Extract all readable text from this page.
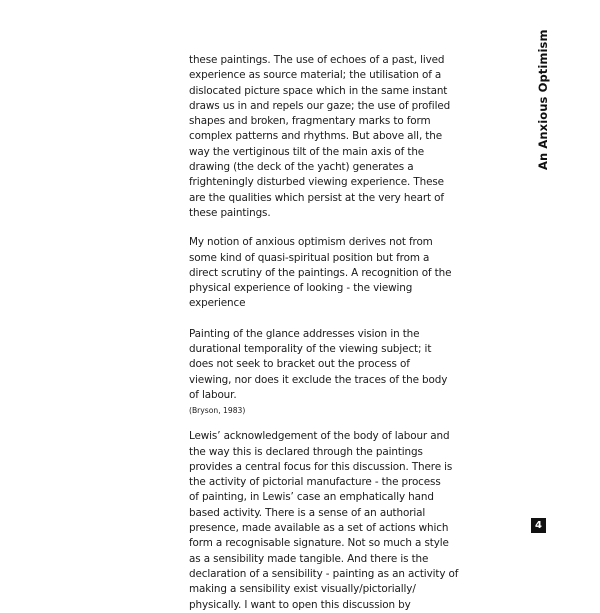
these paintings. The use of echoes of a past, lived
experience as source material; the utilisation of a
dislocated picture space which in the same instant
draws us in and repels our gaze; the use of profiled
shapes and broken, fragmentary marks to form
complex patterns and rhythms. But above all, the
way the vertiginous tilt of the main axis of the
drawing (the deck of the yacht) generates a
frighteningly disturbed viewing experience. These
are the qualities which persist at the very heart of
these paintings.
My notion of anxious optimism derives not from
some kind of quasi-spiritual position but from a
direct scrutiny of the paintings. A recognition of the
physical experience of looking - the viewing
experience
Painting of the glance addresses vision in the
durational temporality of the viewing subject; it
does not seek to bracket out the process of
viewing, nor does it exclude the traces of the body
of labour.
(Bryson, 1983)
Lewis’ acknowledgement of the body of labour and
the way this is declared through the paintings
provides a central focus for this discussion. There is
the activity of pictorial manufacture - the process
of painting, in Lewis’ case an emphatically hand
based activity. There is a sense of an authorial
presence, made available as a set of actions which
form a recognisable signature. Not so much a style
as a sensibility made tangible. And there is the
declaration of a sensibility - painting as an activity of
making a sensibility exist visually/pictorially/
physically. I want to open this discussion by
An Anxious Optimism
4
